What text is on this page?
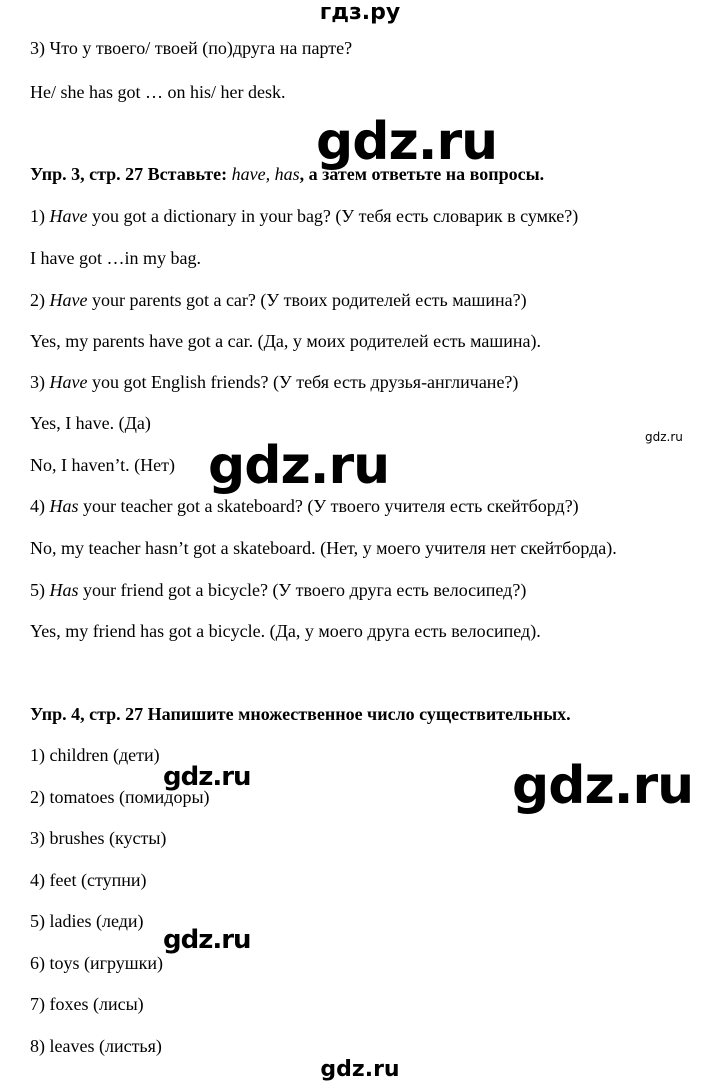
гдз.ру

3) Что у твоего/ твоей (по)друга на парте?

He/ she has got … on his/ her desk.

Упр. 3, стр. 27 Вставьте: have, has, а затем ответьте на вопросы.

1) Have you got a dictionary in your bag? (У тебя есть словарик в сумке?)

I have got …in my bag.

2) Have your parents got a car? (У твоих родителей есть машина?)

Yes, my parents have got a car. (Да, у моих родителей есть машина).

3) Have you got English friends? (У тебя есть друзья-англичане?)

Yes, I have. (Да)

No, I haven’t. (Нет)

4) Has your teacher got a skateboard? (У твоего учителя есть скейтборд?)

No, my teacher hasn’t got a skateboard. (Нет, у моего учителя нет скейтборда).

5) Has your friend got a bicycle? (У твоего друга есть велосипед?)

Yes, my friend has got a bicycle. (Да, у моего друга есть велосипед).

Упр. 4, стр. 27 Напишите множественное число существительных.

1) children (дети)

2) tomatoes (помидоры)

3) brushes (кусты)

4) feet (ступни)

5) ladies (леди)

6) toys (игрушки)

7) foxes (лисы)

8) leaves (листья)

gdz.ru
gdz.ru	gdz.ru
gdz.ru
gdz.ru
gdz.ru
gdz.ru
